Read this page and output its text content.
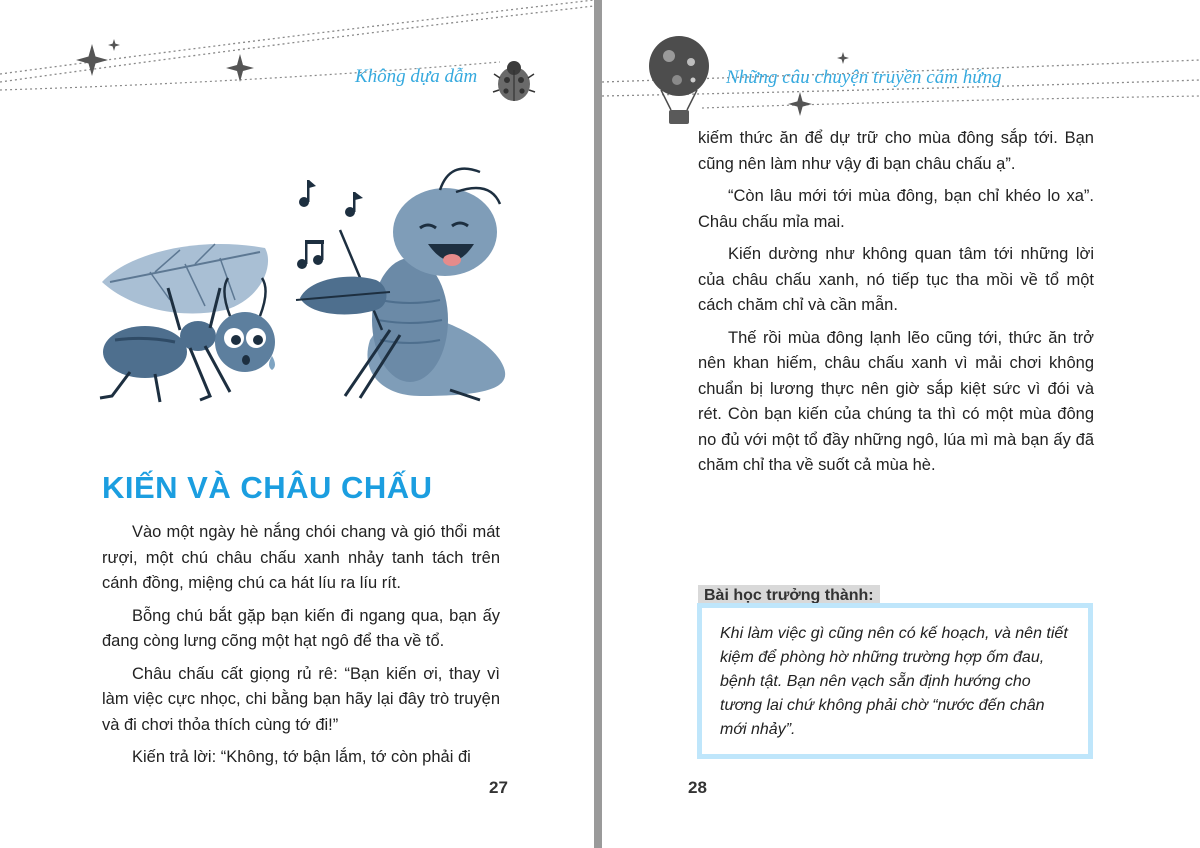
Không dựa dẫm
KIẾN VÀ CHÂU CHẤU

Vào một ngày hè nắng chói chang và gió thổi mát rượi, một chú châu chấu xanh nhảy tanh tách trên cánh đồng, miệng chú ca hát líu ra líu rít.

Bỗng chú bắt gặp bạn kiến đi ngang qua, bạn ấy đang còng lưng cõng một hạt ngô để tha về tổ.

Châu chấu cất giọng rủ rê: “Bạn kiến ơi, thay vì làm việc cực nhọc, chi bằng bạn hãy lại đây trò truyện và đi chơi thỏa thích cùng tớ đi!”

Kiến trả lời: “Không, tớ bận lắm, tớ còn phải đi

27
Những câu chuyện truyền cảm hứng

kiếm thức ăn để dự trữ cho mùa đông sắp tới. Bạn cũng nên làm như vậy đi bạn châu chấu ạ”.

“Còn lâu mới tới mùa đông, bạn chỉ khéo lo xa”. Châu chấu mỉa mai.

Kiến dường như không quan tâm tới những lời của châu chấu xanh, nó tiếp tục tha mồi về tổ một cách chăm chỉ và cần mẫn.

Thế rồi mùa đông lạnh lẽo cũng tới, thức ăn trở nên khan hiếm, châu chấu xanh vì mải chơi không chuẩn bị lương thực nên giờ sắp kiệt sức vì đói và rét. Còn bạn kiến của chúng ta thì có một mùa đông no đủ với một tổ đầy những ngô, lúa mì mà bạn ấy đã chăm chỉ tha về suốt cả mùa hè.

28
Bài học trưởng thành:
Khi làm việc gì cũng nên có kế hoạch, và nên tiết kiệm để phòng hờ những trường hợp ốm đau, bệnh tật. Bạn nên vạch sẵn định hướng cho tương lai chứ không phải chờ “nước đến chân mới nhảy”.
